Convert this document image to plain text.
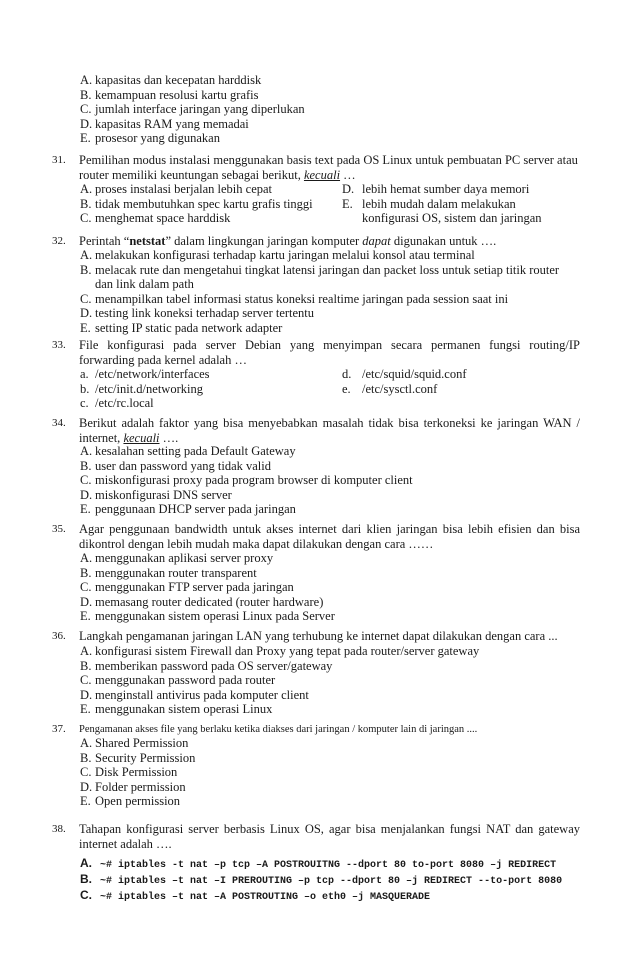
A. kapasitas dan kecepatan harddisk
B. kemampuan resolusi kartu grafis
C. jumlah interface jaringan yang diperlukan
D. kapasitas RAM yang memadai
E. prosesor yang digunakan
31. Pemilihan modus instalasi menggunakan basis text pada OS Linux untuk pembuatan PC server atau
router memiliki keuntungan sebagai berikut, kecuali …
A. proses instalasi berjalan lebih cepat	D. lebih hemat sumber daya memori
B. tidak membutuhkan spec kartu grafis tinggi E. lebih mudah dalam melakukan
C. menghemat space harddisk	konfigurasi OS, sistem dan jaringan
32. Perintah “netstat” dalam lingkungan jaringan komputer dapat digunakan untuk ….
A. melakukan konfigurasi terhadap kartu jaringan melalui konsol atau terminal
B. melacak rute dan mengetahui tingkat latensi jaringan dan packet loss untuk setiap titik router
dan link dalam path
C. menampilkan tabel informasi status koneksi realtime jaringan pada session saat ini
D. testing link koneksi terhadap server tertentu
E. setting IP static pada network adapter
33. File konfigurasi pada server Debian yang menyimpan secara permanen fungsi routing/IP
forwarding pada kernel adalah …
a. /etc/network/interfaces	d. /etc/squid/squid.conf
b. /etc/init.d/networking	e. /etc/sysctl.conf
c. /etc/rc.local
34. Berikut adalah faktor yang bisa menyebabkan masalah tidak bisa terkoneksi ke jaringan WAN /
internet, kecuali ….
A. kesalahan setting pada Default Gateway
B. user dan password yang tidak valid
C. miskonfigurasi proxy pada program browser di komputer client
D. miskonfigurasi DNS server
E. penggunaan DHCP server pada jaringan
35. Agar penggunaan bandwidth untuk akses internet dari klien jaringan bisa lebih efisien dan bisa
dikontrol dengan lebih mudah maka dapat dilakukan dengan cara ……
A. menggunakan aplikasi server proxy
B. menggunakan router transparent
C. menggunakan FTP server pada jaringan
D. memasang router dedicated (router hardware)
E. menggunakan sistem operasi Linux pada Server
36. Langkah pengamanan jaringan LAN yang terhubung ke internet dapat dilakukan dengan cara ...
A. konfigurasi sistem Firewall dan Proxy yang tepat pada router/server gateway
B. memberikan password pada OS server/gateway
C. menggunakan password pada router
D. menginstall antivirus pada komputer client
E. menggunakan sistem operasi Linux
37. Pengamanan akses file yang berlaku ketika diakses dari jaringan / komputer lain di jaringan ....
A. Shared Permission
B. Security Permission
C. Disk Permission
D. Folder permission
E. Open permission
38. Tahapan konfigurasi server berbasis Linux OS, agar bisa menjalankan fungsi NAT dan gateway
internet adalah ….
A. ~# iptables -t nat –p tcp –A POSTROUITNG --dport 80 to-port 8080 –j REDIRECT
B. ~# iptables –t nat –I PREROUTING –p tcp --dport 80 –j REDIRECT --to-port 8080
C. ~# iptables –t nat –A POSTROUTING –o eth0 –j MASQUERADE
